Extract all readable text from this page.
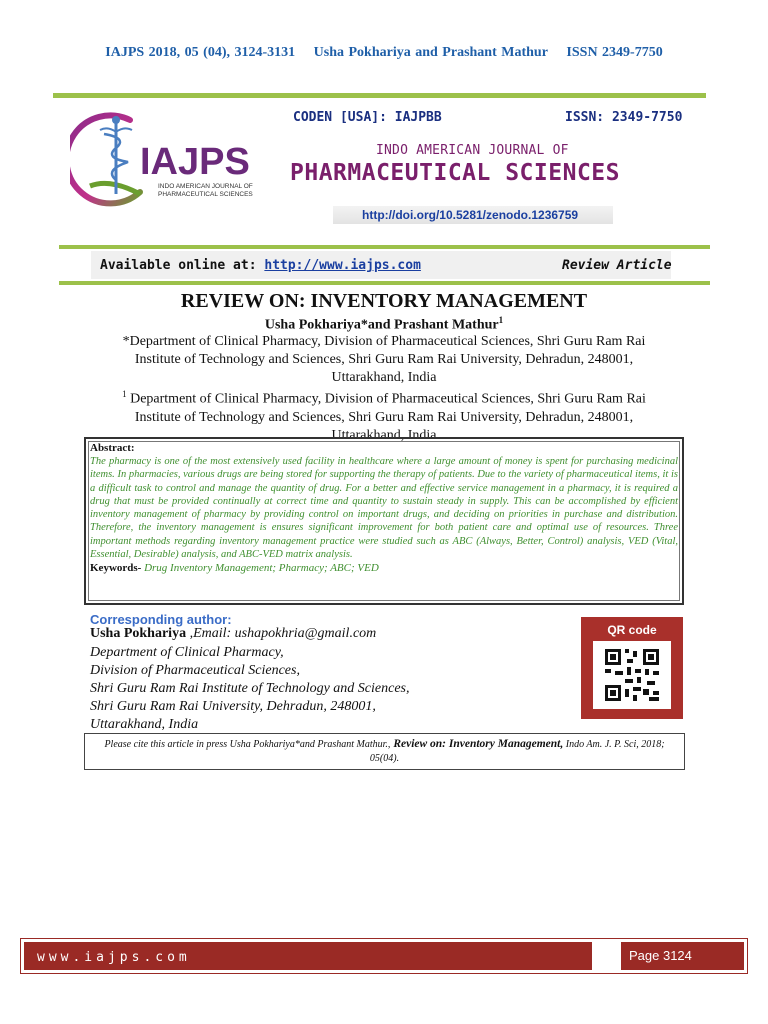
IAJPS 2018, 05 (04), 3124-3131 Usha Pokhariya and Prashant Mathur ISSN 2349-7750
IAJPS
INDO AMERICAN JOURNAL OF
PHARMACEUTICAL SCIENCES
CODEN [USA]: IAJPBB	ISSN: 2349-7750
INDO AMERICAN JOURNAL OF
PHARMACEUTICAL SCIENCES
http://doi.org/10.5281/zenodo.1236759
Available online at: http://www.iajps.com	Review Article
REVIEW ON: INVENTORY MANAGEMENT
Usha Pokhariya*and Prashant Mathur$^1$
*Department of Clinical Pharmacy, Division of Pharmaceutical Sciences, Shri Guru Ram Rai
Institute of Technology and Sciences, Shri Guru Ram Rai University, Dehradun, 248001,
Uttarakhand, India
$^1$ Department of Clinical Pharmacy, Division of Pharmaceutical Sciences, Shri Guru Ram Rai
Institute of Technology and Sciences, Shri Guru Ram Rai University, Dehradun, 248001,
Uttarakhand, India
Abstract:
The pharmacy is one of the most extensively used facility in healthcare where a large amount of money is spent for purchasing medicinal items. In pharmacies, various drugs are being stored for supporting the therapy of patients. Due to the variety of pharmaceutical items, it is a difficult task to control and manage the quantity of drug. For a better and effective service management in a pharmacy, it is required a drug that must be provided continually at correct time and quantity to sustain steady in supply. This can be accomplished by efficient inventory management of pharmacy by providing control on important drugs, and deciding on priorities in purchase and distribution. Therefore, the inventory management is ensures significant improvement for both patient care and optimal use of resources. Three important methods regarding inventory management practice were studied such as ABC (Always, Better, Control) analysis, VED (Vital, Essential, Desirable) analysis, and ABC-VED matrix analysis.
Keywords- Drug Inventory Management; Pharmacy; ABC; VED
Corresponding author:
Usha Pokhariya ,Email: ushapokhria@gmail.com
Department of Clinical Pharmacy,
Division of Pharmaceutical Sciences,
Shri Guru Ram Rai Institute of Technology and Sciences,
Shri Guru Ram Rai University, Dehradun, 248001,
Uttarakhand, India
QR code
Please cite this article in press Usha Pokhariya*and Prashant Mathur., Review on: Inventory Management, Indo Am. J. P. Sci, 2018; 05(04).
www.iajps.com	Page 3124
